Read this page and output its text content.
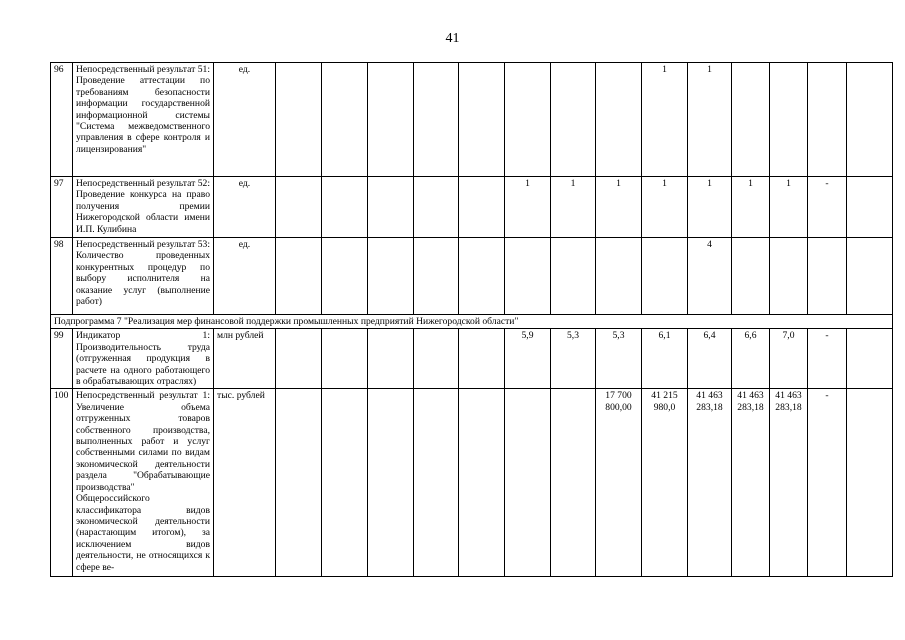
41
96	Непосредственный результат 51: Проведение аттестации по требованиям безопасности информации государственной информационной системы "Система межведомственного управления в сфере контроля и лицензирования"	ед.									1	1				
97	Непосредственный результат 52: Проведение конкурса на право получения премии Нижегородской области имени И.П. Кулибина	ед.						1	1	1	1	1	1	1	-	
98	Непосредственный результат 53: Количество проведенных конкурентных процедур по выбору исполнителя на оказание услуг (выполнение работ)	ед.										4				
Подпрограмма 7 "Реализация мер финансовой поддержки промышленных предприятий Нижегородской области"																
99	Индикатор 1: Производительность труда (отгруженная продукция в расчете на одного работающего в обрабатывающих отраслях)	млн рублей						5,9	5,3	5,3	6,1	6,4	6,6	7,0	-	
100	Непосредственный результат 1: Увеличение объема отгруженных товаров собственного производства, выполненных работ и услуг собственными силами по видам экономической деятельности раздела "Обрабатывающие производства" Общероссийского классификатора видов экономической деятельности (нарастающим итогом), за исключением видов деятельности, не относящихся к сфере ве-	тыс. рублей								17 700 800,00	41 215 980,0	41 463 283,18	41 463 283,18	41 463 283,18	-	
